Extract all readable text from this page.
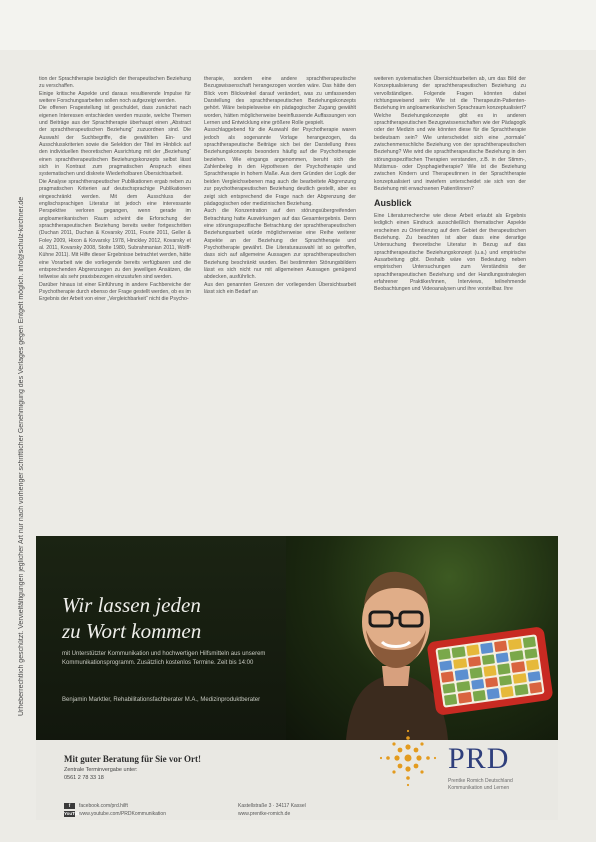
Urheberrechtlich geschützt. Vervielfältigungen jeglicher Art nur nach vorheriger schriftlicher Genehmigung des Verlages gegen Entgelt möglich. info@schulz-kirchner.de

tion der Sprachtherapie bezüglich der therapeutischen Beziehung zu verschaffen.

Einige kritische Aspekte und daraus resultierende Impulse für weitere Forschungsarbeiten sollen noch aufgezeigt werden.

Die offenen Fragestellung ist geschuldet, dass zunächst nach eigenen Interessen entschieden werden musste, welche Themen und Beiträge aus der Sprachtherapie überhaupt einen „Abstract der sprachtherapeutischen Beziehung“ zuzuordnen sind. Die Auswahl der Suchbegriffe, die gewählten Ein- und Ausschlusskriterien sowie die Selektion der Titel im Hinblick auf den individuellen theoretischen Ausrichtung mit der „Beziehung“ einen sprachtherapeutischen Beziehungskonzepts selbst lässt sich in Kontrast zum pragmatischen Anspruch eines systematischen und diskrete Wiederholbaren Übersichtsarbeit.

Die Analyse sprachtherapeutischer Publikationen ergab neben zu pragmatischen Kriterien auf deutschsprachige Publikationen eingeschränkt werden. Mit dem Ausschluss der englischsprachigen Literatur ist jedoch eine interessante Perspektive verloren gegangen, wenn gerade im angloamerikanischen Raum scheint die Erforschung der sprachtherapeutischen Beziehung bereits weiter fortgeschritten (Duchan 2011, Duchan & Kovarsky 2011, Fourie 2011, Geller & Foley 2009, Hixon & Kovarsky 1978, Hinckley 2012, Kovarsky et al. 2011, Kovarsky 2008, Stolte 1980, Subrahmanian 2011, Wolff-Kühne 2011). Mit Hilfe dieser Ergebnisse betrachtet werden, hätte eine Vorarbeit wie die vorliegende bereits verfügbaren und die entsprechenden Abgrenzungen zu den jeweiligen Ansätzen, die teilweise als sehr praxisbezogen einzustufen sind werden.

Darüber hinaus ist einer Einführung in andere Fachbereiche der Psychotherapie durch ebenso der Frage gestellt werden, ob es im Ergebnis der Arbeit von einer „Vergleichbarkeit“ nicht die Psycho-

therapie, sondern eine andere sprachtherapeutische Bezugswissenschaft herangezogen worden wäre. Das hätte den Blick vom Blickwinkel darauf verändert, was zu umfassenden Darstellung des sprachtherapeutischen Beziehungskonzepts gehört. Wäre beispielsweise ein pädagogischer Zugang gewählt worden, hätten möglicherweise beeinflussende Auffassungen von Lernen und Entwicklung eine größere Rolle gespielt.

Ausschlaggebend für die Auswahl der Psychotherapie waren jedoch als sogenannte Vorlage herangezogen, da sprachtherapeutische Beiträge sich bei der Darstellung ihres Beziehungskonzepts besonders häufig auf die Psychotherapie beziehen. Wie eingangs angenommen, beruht sich die Zahlenbeleg in den Hypothesen der Psychotherapie und Sprachtherapie in hohem Maße. Aus dem Gründen der Logik der beiden Vergleichsebenen mag auch die bearbeitete Abgrenzung zur psychotherapeutischen Beziehung deutlich gestellt, aber es zeigt sich entsprechend die Frage nach der Abgrenzung der pädagogischen oder medizinischen Beziehung.

Auch die Konzentration auf den störungsübergreifenden Betrachtung hatte Auswirkungen auf das Gesamtergebnis. Denn eine störungsspezifische Betrachtung der sprachtherapeutischen Beziehungsarbeit würde möglicherweise eine Reihe weiterer Aspekte an der Beziehung der Sprachtherapie und Psychotherapie gewährt. Die Literaturauswahl ist so getroffen, dass sich auf allgemeine Aussagen zur sprachtherapeutischen Beziehung beschränkt wurden. Bei bestimmten Störungsbildern lässt es sich nicht nur mit allgemeinen Aussagen genügend abdecken, ausführlich.

Aus den genannten Grenzen der vorliegenden Übersichtsarbeit lässt sich ein Bedarf an

weiteren systematischen Übersichtsarbeiten ab, um das Bild der Konzeptualisierung der sprachtherapeutischen Beziehung zu vervollständigen. Folgende Fragen könnten dabei richtungsweisend sein: Wie ist die Therapeutin-Patienten-Beziehung im angloamerikanischen Sprachraum konzeptualisiert? Welche Beziehungskonzepte gibt es in anderen sprachtherapeutischen Bezugswissenschaften wie der Pädagogik oder der Medizin und wie könnten diese für die Sprachtherapie bedeutsam sein? Wie unterscheidet sich eine „normale“ zwischenmenschliche Beziehung von der sprachtherapeutischen Beziehung? Wie wird die sprachtherapeutische Beziehung in den störungsspezifischen Therapien verstanden, z.B. in der Stimm-, Mutismus- oder Dysphagietherapie? Wie ist die Beziehung zwischen Kindern und Therapeutinnen in der Sprachtherapie konzeptualisiert und inwiefern unterscheidet sie sich von der Beziehung mit erwachsenen Patient/innen?

Ausblick

Eine Literaturrecherche wie diese Arbeit erlaubt als Ergebnis lediglich einen Eindruck ausschließlich thematischer Aspekte erscheinen zu Orientierung auf dem Gebiet der therapeutischen Beziehung. Zu beachten ist aber dass eine derartige Untersuchung theoretische Literatur in Bezug auf das sprachtherapeutische Beziehungskonzept (u.a.) und empirische Ausarbeitung gibt. Deshalb wäre von Bedeutung neben empirischen Untersuchungen zum Verständnis der sprachtherapeutischen Beziehung und der Handlungsstrategien erfahrener Praktiker/innen, Interviews, teilnehmende Beobachtungen und Videoanalysen und ihre vorstellbar. Ihre

Wir lassen jeden
zu Wort kommen
mit Unterstützter Kommunikation und hochwertigen Hilfsmitteln aus unserem Kommunikationsprogramm. Zusätzlich kostenlos Termine. Zeit bis 14:00
Benjamin Marktler, Rehabilitationsfachberater M.A., Medizinproduktberater
Mit guter Beratung für Sie vor Ort!
Zentrale Terminvergabe unter:
0561 2 78 33 18
f	facebook.com/prd.hilft
YouTube
www.youtube.com/PRDKommunikation
Kastellstraße 3 · 34117 Kassel
www.prentke-romich.de
PRD
Prentke Romich Deutschland
Kommunikation und Lernen
